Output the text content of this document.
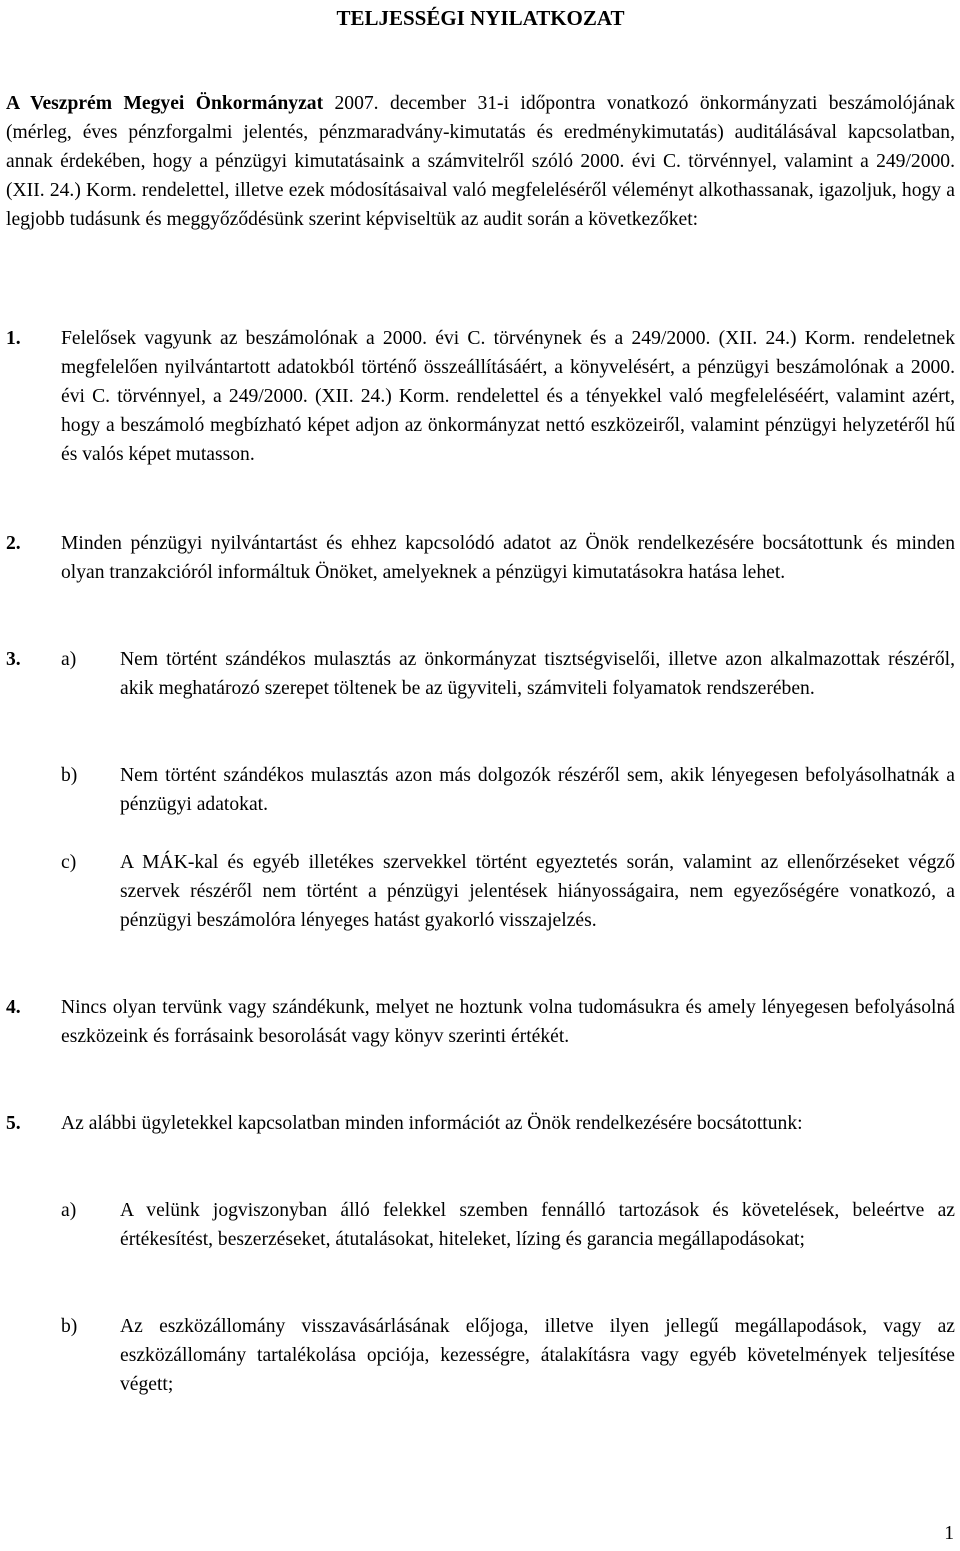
TELJESSÉGI NYILATKOZAT
A Veszprém Megyei Önkormányzat 2007. december 31-i időpontra vonatkozó önkormányzati beszámolójának (mérleg, éves pénzforgalmi jelentés, pénzmaradvány-kimutatás és eredménykimutatás) auditálásával kapcsolatban, annak érdekében, hogy a pénzügyi kimutatásaink a számvitelről szóló 2000. évi C. törvénnyel, valamint a 249/2000. (XII. 24.) Korm. rendelettel, illetve ezek módosításaival való megfeleléséről véleményt alkothassanak, igazoljuk, hogy a legjobb tudásunk és meggyőződésünk szerint képviseltük az audit során a következőket:
1. Felelősek vagyunk az beszámolónak a 2000. évi C. törvénynek és a 249/2000. (XII. 24.) Korm. rendeletnek megfelelően nyilvántartott adatokból történő összeállításáért, a könyvelésért, a pénzügyi beszámolónak a 2000. évi C. törvénnyel, a 249/2000. (XII. 24.) Korm. rendelettel és a tényekkel való megfeleléséért, valamint azért, hogy a beszámoló megbízható képet adjon az önkormányzat nettó eszközeiről, valamint pénzügyi helyzetéről hű és valós képet mutasson.
2. Minden pénzügyi nyilvántartást és ehhez kapcsolódó adatot az Önök rendelkezésére bocsátottunk és minden olyan tranzakcióról informáltuk Önöket, amelyeknek a pénzügyi kimutatásokra hatása lehet.
3. a) Nem történt szándékos mulasztás az önkormányzat tisztségviselői, illetve azon alkalmazottak részéről, akik meghatározó szerepet töltenek be az ügyviteli, számviteli folyamatok rendszerében.
b) Nem történt szándékos mulasztás azon más dolgozók részéről sem, akik lényegesen befolyásolhatnák a pénzügyi adatokat.
c) A MÁK-kal és egyéb illetékes szervekkel történt egyeztetés során, valamint az ellenőrzéseket végző szervek részéről nem történt a pénzügyi jelentések hiányosságaira, nem egyezőségére vonatkozó, a pénzügyi beszámolóra lényeges hatást gyakorló visszajelzés.
4. Nincs olyan tervünk vagy szándékunk, melyet ne hoztunk volna tudomásukra és amely lényegesen befolyásolná eszközeink és forrásaink besorolását vagy könyv szerinti értékét.
5. Az alábbi ügyletekkel kapcsolatban minden információt az Önök rendelkezésére bocsátottunk:
a) A velünk jogviszonyban álló felekkel szemben fennálló tartozások és követelések, beleértve az értékesítést, beszerzéseket, átutalásokat, hiteleket, lízing és garancia megállapodásokat;
b) Az eszközállomány visszavásárlásának előjoga, illetve ilyen jellegű megállapodások, vagy az eszközállomány tartalékolása opciója, kezességre, átalakításra vagy egyéb követelmények teljesítése végett;
1
